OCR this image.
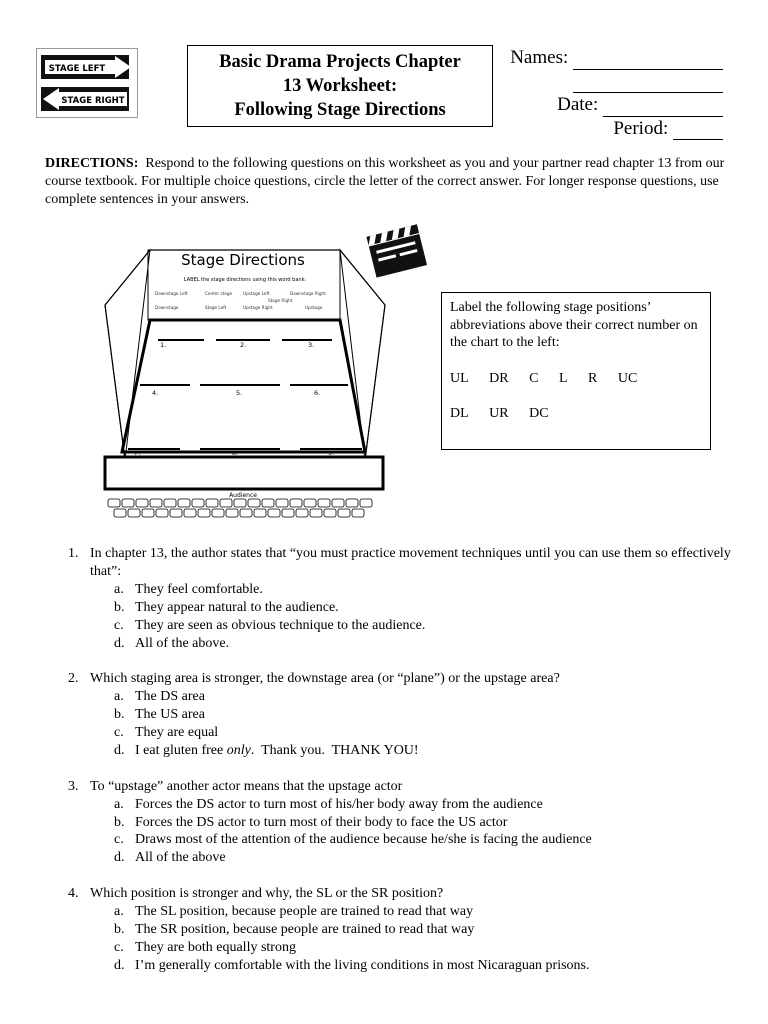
STAGE LEFT
STAGE RIGHT
Basic Drama Projects Chapter
13 Worksheet:
Following Stage Directions
Names:
Date:
Period:
DIRECTIONS: Respond to the following questions on this worksheet as you and your partner read chapter 13 from our course textbook. For multiple choice questions, circle the letter of the correct answer. For longer response questions, use complete sentences in your answers.
Stage Directions
LABEL the stage directions using this word bank:
Downstage Left	Center stage	Upstage Left	Downstage Right
Stage Right
Downstage	Stage Left	Upstage Right	Upstage
1.	2.	3.
4.	5.	6.
7.	8.	9.
Audience
Label the following stage positions’ abbreviations above their correct number on the chart to the left:
UL DR C L R UC
DL UR DC
1. In chapter 13, the author states that “you must practice movement techniques until you can use them so effectively that”:
a. They feel comfortable.
b. They appear natural to the audience.
c. They are seen as obvious technique to the audience.
d. All of the above.
2. Which staging area is stronger, the downstage area (or “plane”) or the upstage area?
a. The DS area
b. The US area
c. They are equal
d. I eat gluten free only.  Thank you.  THANK YOU!
3. To “upstage” another actor means that the upstage actor
a. Forces the DS actor to turn most of his/her body away from the audience
b. Forces the DS actor to turn most of their body to face the US actor
c. Draws most of the attention of the audience because he/she is facing the audience
d. All of the above
4. Which position is stronger and why, the SL or the SR position?
a. The SL position, because people are trained to read that way
b. The SR position, because people are trained to read that way
c. They are both equally strong
d. I’m generally comfortable with the living conditions in most Nicaraguan prisons.
